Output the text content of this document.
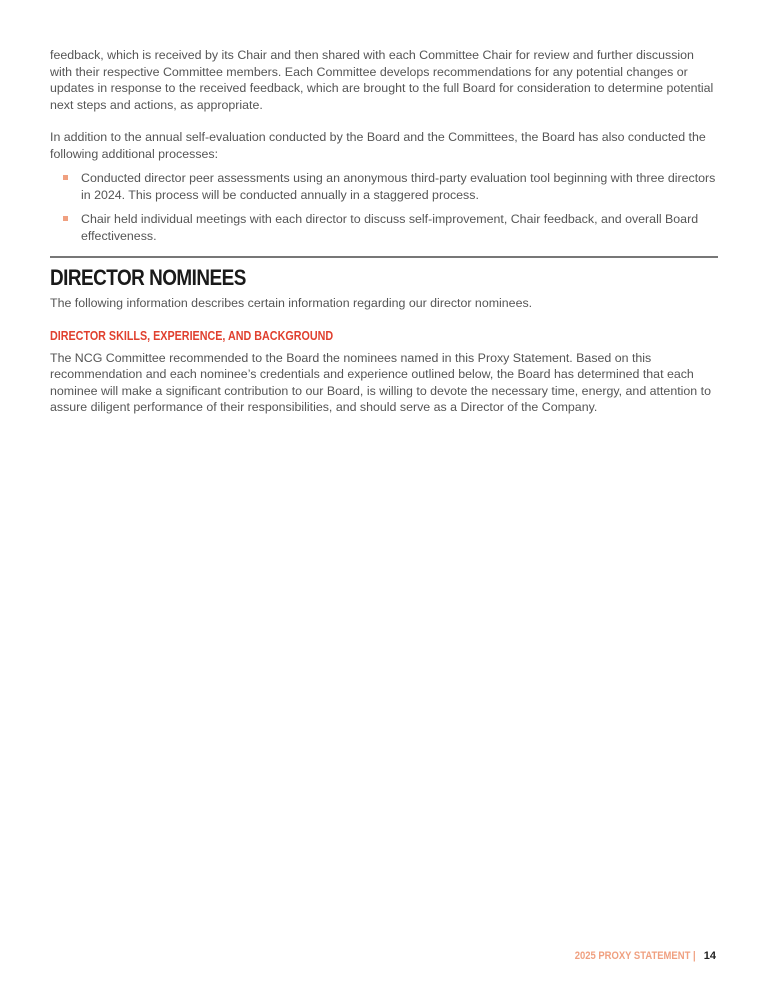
feedback, which is received by its Chair and then shared with each Committee Chair for review and further discussion with their respective Committee members. Each Committee develops recommendations for any potential changes or updates in response to the received feedback, which are brought to the full Board for consideration to determine potential next steps and actions, as appropriate.

In addition to the annual self-evaluation conducted by the Board and the Committees, the Board has also conducted the following additional processes:

Conducted director peer assessments using an anonymous third-party evaluation tool beginning with three directors in 2024. This process will be conducted annually in a staggered process.
Chair held individual meetings with each director to discuss self-improvement, Chair feedback, and overall Board effectiveness.
DIRECTOR NOMINEES

The following information describes certain information regarding our director nominees.

DIRECTOR SKILLS, EXPERIENCE, AND BACKGROUND

The NCG Committee recommended to the Board the nominees named in this Proxy Statement. Based on this recommendation and each nominee’s credentials and experience outlined below, the Board has determined that each nominee will make a significant contribution to our Board, is willing to devote the necessary time, energy, and attention to assure diligent performance of their responsibilities, and should serve as a Director of the Company.

2025 PROXY STATEMENT | 14
